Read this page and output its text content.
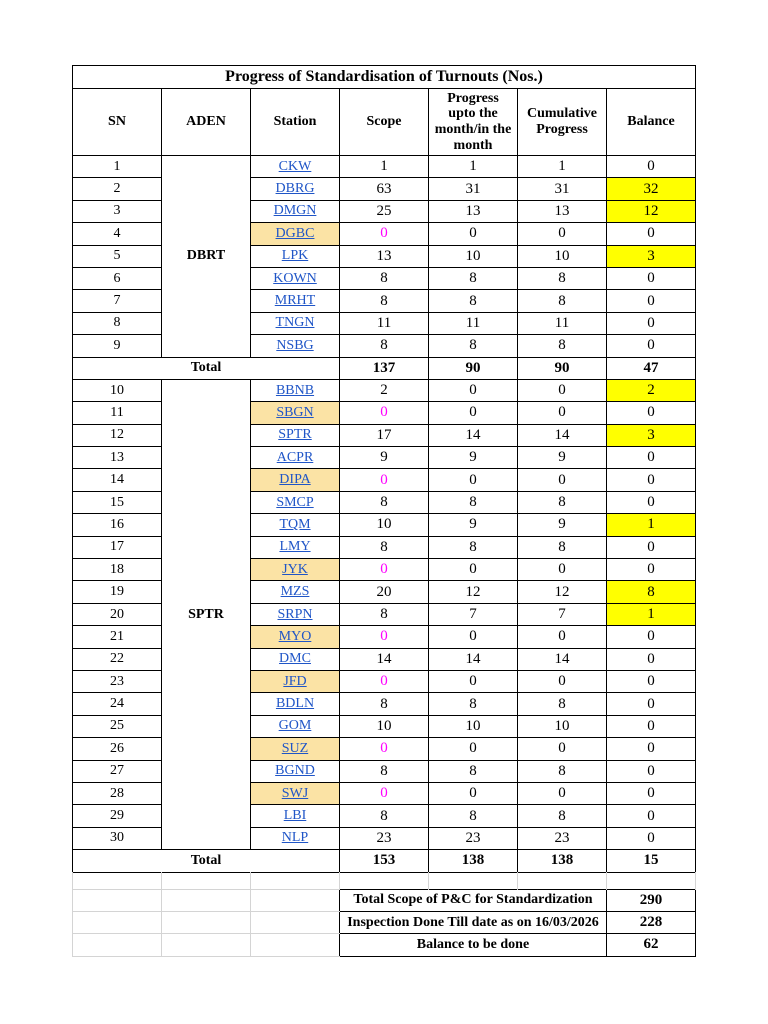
Progress of Standardisation of Turnouts (Nos.)						
SN	ADEN	Station	Scope	Progress upto the month/in the month	Cumulative Progress	Balance
1	DBRT	CKW	1	1	1	0
2		DBRG	63	31	31	32
3		DMGN	25	13	13	12
4		DGBC	0	0	0	0
5		LPK	13	10	10	3
6		KOWN	8	8	8	0
7		MRHT	8	8	8	0
8		TNGN	11	11	11	0
9		NSBG	8	8	8	0
Total			137	90	90	47
10	SPTR	BBNB	2	0	0	2
11		SBGN	0	0	0	0
12		SPTR	17	14	14	3
13		ACPR	9	9	9	0
14		DIPA	0	0	0	0
15		SMCP	8	8	8	0
16		TQM	10	9	9	1
17		LMY	8	8	8	0
18		JYK	0	0	0	0
19		MZS	20	12	12	8
20		SRPN	8	7	7	1
21		MYO	0	0	0	0
22		DMC	14	14	14	0
23		JFD	0	0	0	0
24		BDLN	8	8	8	0
25		GOM	10	10	10	0
26		SUZ	0	0	0	0
27		BGND	8	8	8	0
28		SWJ	0	0	0	0
29		LBI	8	8	8	0
30		NLP	23	23	23	0
Total			153	138	138	15

			Total Scope of P&C for Standardization			290
			Inspection Done Till date as on 16/03/2026			228
			Balance to be done			62
